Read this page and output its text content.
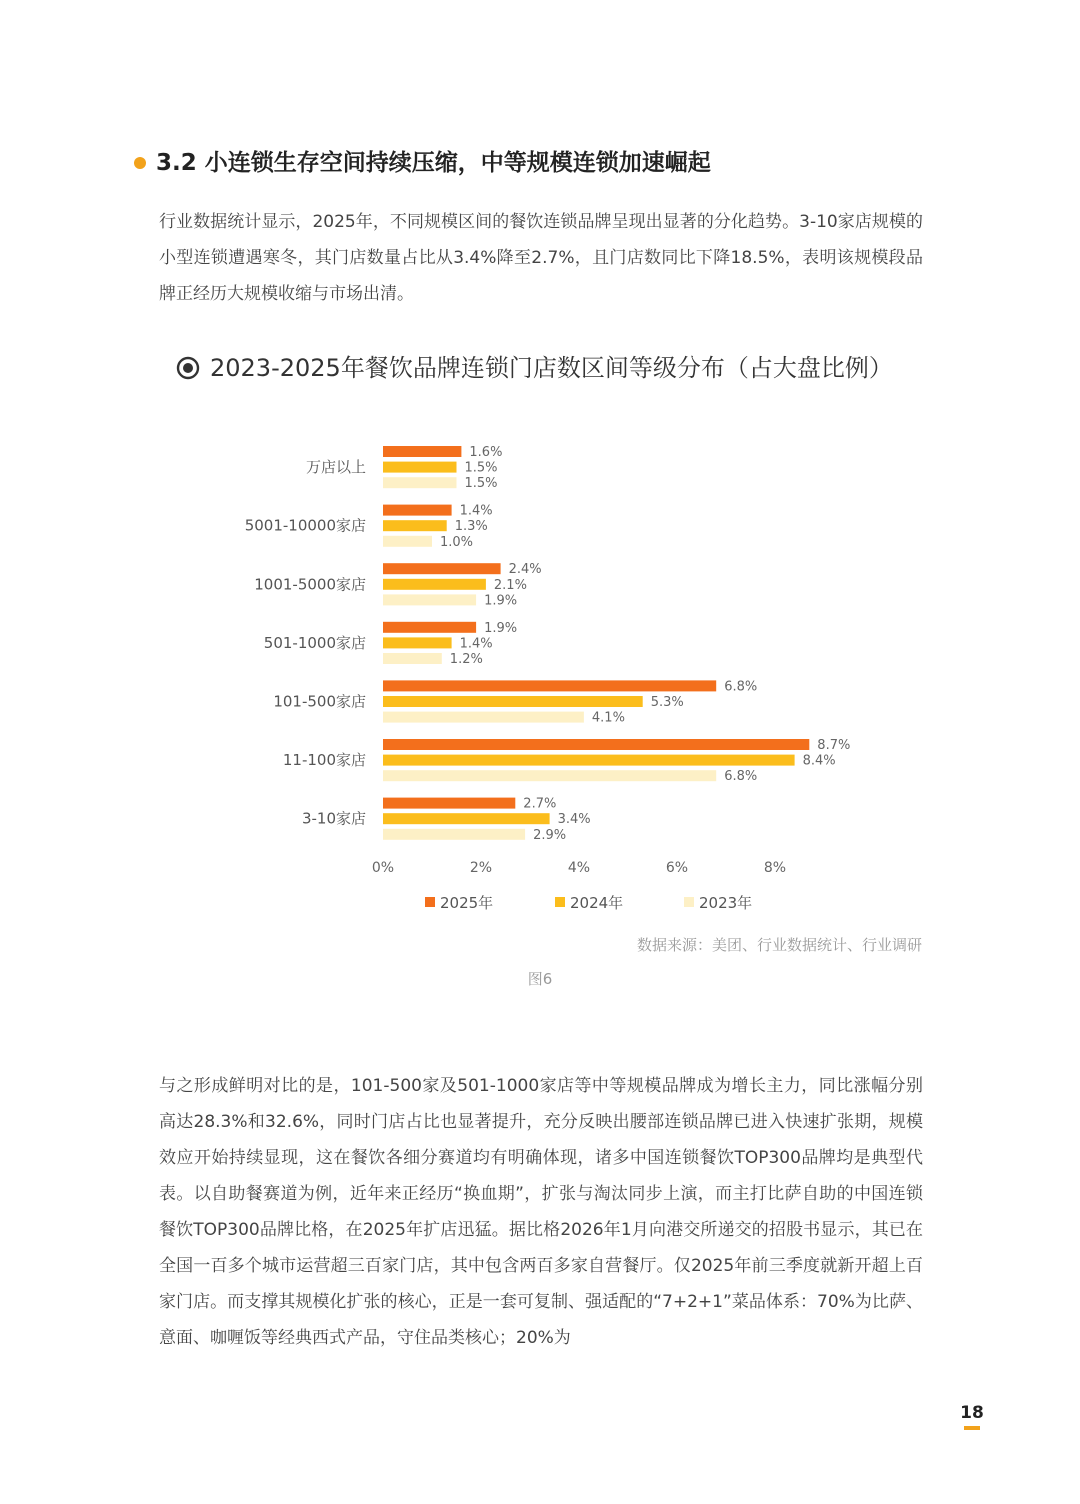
3.2 小连锁生存空间持续压缩，中等规模连锁加速崛起

行业数据统计显示，2025年，不同规模区间的餐饮连锁品牌呈现出显著的分化趋势。3-10家店规模的小型连锁遭遇寒冬，其门店数量占比从3.4%降至2.7%，且门店数同比下降18.5%，表明该规模段品牌正经历大规模收缩与市场出清。

2023-2025年餐饮品牌连锁门店数区间等级分布（占大盘比例）
万店以上
1.6%
1.5%
1.5%
5001-10000家店
1.4%
1.3%
1.0%
1001-5000家店
2.4%
2.1%
1.9%
501-1000家店
1.9%
1.4%
1.2%
101-500家店
6.8%
5.3%
4.1%
11-100家店
8.7%
8.4%
6.8%
3-10家店
2.7%
3.4%
2.9%
0%	2%	4%	6%	8%
2025年	2024年	2023年
数据来源：美团、行业数据统计、行业调研
图6

与之形成鲜明对比的是，101-500家及501-1000家店等中等规模品牌成为增长主力，同比涨幅分别高达28.3%和32.6%，同时门店占比也显著提升，充分反映出腰部连锁品牌已进入快速扩张期，规模效应开始持续显现，这在餐饮各细分赛道均有明确体现，诸多中国连锁餐饮TOP300品牌均是典型代表。以自助餐赛道为例，近年来正经历“换血期”，扩张与淘汰同步上演，而主打比萨自助的中国连锁餐饮TOP300品牌比格，在2025年扩店迅猛。据比格2026年1月向港交所递交的招股书显示，其已在全国一百多个城市运营超三百家门店，其中包含两百多家自营餐厅。仅2025年前三季度就新开超上百家门店。而支撑其规模化扩张的核心，正是一套可复制、强适配的“7+2+1”菜品体系：70%为比萨、意面、咖喱饭等经典西式产品，守住品类核心；20%为

18
